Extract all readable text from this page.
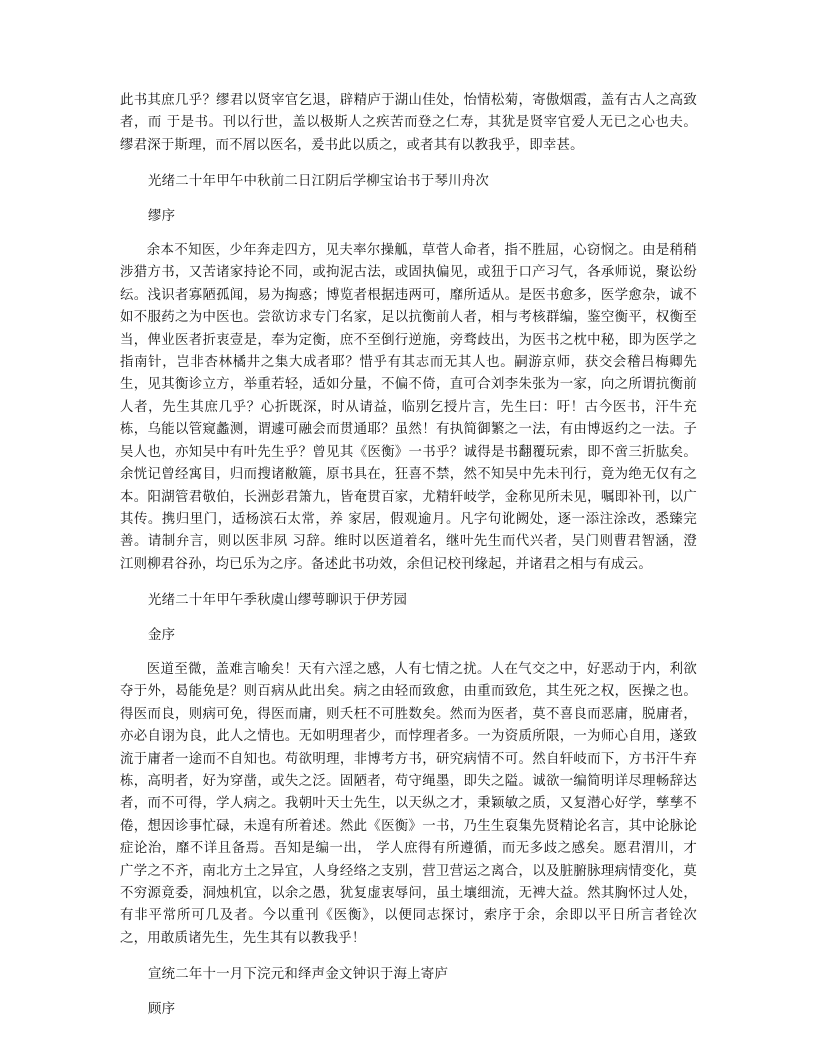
此书其庶几乎？缪君以贤宰官乞退，辟精庐于湖山佳处，怡情松菊，寄傲烟霞，盖有古人之高致者，而 于是书。刊以行世，盖以极斯人之疾苦而登之仁寿，其犹是贤宰官爱人无已之心也夫。缪君深于斯理，而不屑以医名，爰书此以质之，或者其有以教我乎，即幸甚。

光绪二十年甲午中秋前二日江阴后学柳宝诒书于琴川舟次

缪序

余本不知医，少年奔走四方，见夫率尔操觚，草菅人命者，指不胜屈，心窃悯之。由是稍稍涉猎方书，又苦诸家持论不同，或拘泥古法，或固执偏见，或狃于口产习气，各承师说，聚讼纷纭。浅识者寡陋孤闻，易为掏惑；博览者根据违两可，靡所适从。是医书愈多，医学愈杂，诚不如不服药之为中医也。尝欲访求专门名家，足以抗衡前人者，相与考核群编，鉴空衡平，权衡至当，俾业医者折衷壹是，奉为定衡，庶不至倒行逆施，旁骛歧出，为医书之枕中秘，即为医学之指南针，岂非杏林橘井之集大成者耶？惜乎有其志而无其人也。嗣游京师，获交会稽吕梅卿先生，见其衡诊立方，举重若轻，适如分量，不偏不倚，直可合刘李朱张为一家，向之所谓抗衡前人者，先生其庶几乎？心折既深，时从请益，临别乞授片言，先生曰：吁！古今医书，汗牛充栋，乌能以管窥蠡测，谓遽可融会而贯通耶？虽然！有执简御繁之一法，有由博返约之一法。子吴人也，亦知吴中有叶先生乎？曾见其《医衡》一书乎？诚得是书翻覆玩索，即不啻三折肱矣。余恍记曾经寓目，归而搜诸敝簏，原书具在，狂喜不禁，然不知吴中先未刊行，竟为绝无仅有之本。阳湖管君敬伯，长洲彭君箫九，皆奄贯百家，尤精轩岐学，金称见所未见，嘱即补刊，以广其传。携归里门，适杨滨石太常，养 家居，假观逾月。凡字句讹阙处，逐一添注涂改，悉臻完善。请制弁言，则以医非夙 习辞。维时以医道着名，继叶先生而代兴者，吴门则曹君智涵，澄江则柳君谷孙，均已乐为之序。备述此书功效，余但记校刊缘起，并诸君之相与有成云。

光绪二十年甲午季秋虞山缪萼聊识于伊芳园

金序

医道至微，盖难言喻矣！天有六淫之感，人有七情之扰。人在气交之中，好恶动于内，利欲夺于外，曷能免是？则百病从此出矣。病之由轻而致愈，由重而致危，其生死之权，医操之也。得医而良，则病可免，得医而庸，则夭枉不可胜数矣。然而为医者，莫不喜良而恶庸，脱庸者，亦必自诩为良，此人之情也。无如明理者少，而悖理者多。一为资质所限，一为师心自用，遂致流于庸者一途而不自知也。苟欲明理，非博考方书，研究病情不可。然自轩岐而下，方书汗牛弃栋，高明者，好为穿凿，或失之泛。固陋者，苟守绳墨，即失之隘。诚欲一编简明详尽理畅辞达者，而不可得，学人病之。我朝叶天士先生，以天纵之才，秉颖敏之质，又复潜心好学，孳孳不倦，想因诊事忙碌，未遑有所着述。然此《医衡》一书，乃生生裒集先贤精论名言，其中论脉论症论治，靡不详且备焉。吾知是编一出， 学人庶得有所遵循，而无多歧之感矣。愿君渭川，才广学之不齐，南北方土之异宜，人身经络之支别，营卫营运之离合，以及脏腑脉理病情变化，莫不穷源竟委，洞烛机宜，以余之愚，犹复虚衷辱问，虽土壤细流，无裨大益。然其胸怀过人处，有非平常所可几及者。今以重刊《医衡》，以便同志探讨，索序于余，余即以平日所言者铨次之，用敢质诸先生，先生其有以教我乎！

宣统二年十一月下浣元和绎声金文钟识于海上寄庐

顾序
